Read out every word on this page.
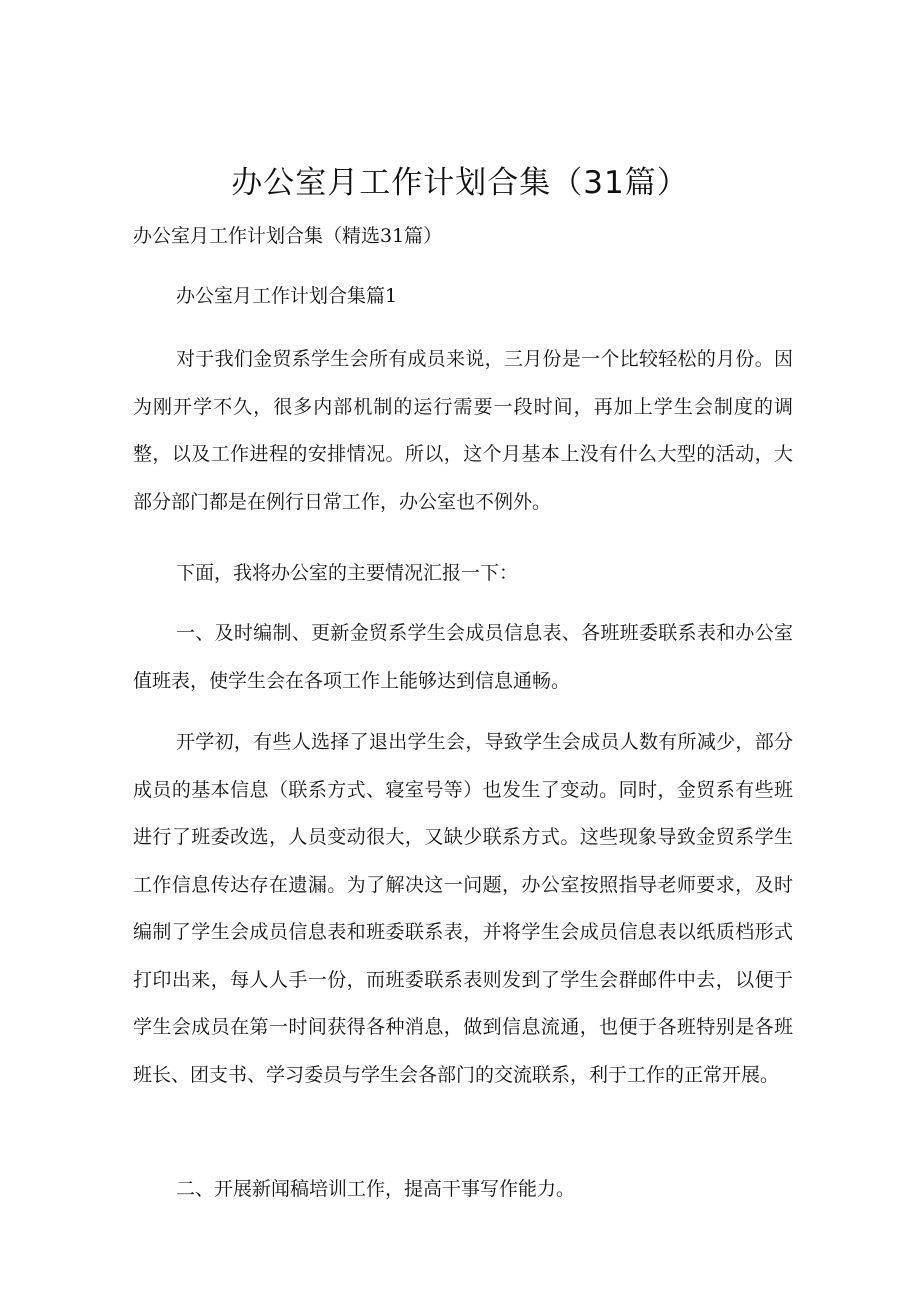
办公室月工作计划合集（31篇）
办公室月工作计划合集（精选31篇）
办公室月工作计划合集篇1
对于我们金贸系学生会所有成员来说，三月份是一个比较轻松的月份。因为刚开学不久，很多内部机制的运行需要一段时间，再加上学生会制度的调整，以及工作进程的安排情况。所以，这个月基本上没有什么大型的活动，大部分部门都是在例行日常工作，办公室也不例外。
下面，我将办公室的主要情况汇报一下：
一、及时编制、更新金贸系学生会成员信息表、各班班委联系表和办公室值班表，使学生会在各项工作上能够达到信息通畅。
开学初，有些人选择了退出学生会，导致学生会成员人数有所减少，部分成员的基本信息（联系方式、寝室号等）也发生了变动。同时，金贸系有些班进行了班委改选，人员变动很大，又缺少联系方式。这些现象导致金贸系学生工作信息传达存在遗漏。为了解决这一问题，办公室按照指导老师要求，及时编制了学生会成员信息表和班委联系表，并将学生会成员信息表以纸质档形式打印出来，每人人手一份，而班委联系表则发到了学生会群邮件中去，以便于学生会成员在第一时间获得各种消息，做到信息流通，也便于各班特别是各班班长、团支书、学习委员与学生会各部门的交流联系，利于工作的正常开展。
二、开展新闻稿培训工作，提高干事写作能力。
